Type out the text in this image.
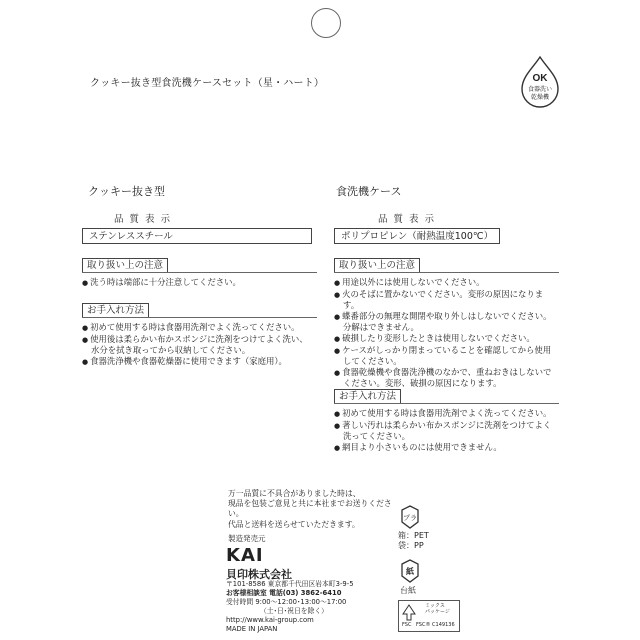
クッキー抜き型食洗機ケースセット（星・ハート）	OK
食器洗い
乾燥機
クッキー抜き型
品質表示
ステンレススチール
取り扱い上の注意
● 洗う時は端部に十分注意してください。
お手入れ方法
● 初めて使用する時は食器用洗剤でよく洗ってください。
● 使用後は柔らかい布かスポンジに洗剤をつけてよく洗い、水分を拭き取ってから収納してください。
● 食器洗浄機や食器乾燥器に使用できます（家庭用）。
食洗機ケース
品質表示
ポリプロピレン（耐熱温度100℃）
取り扱い上の注意
● 用途以外には使用しないでください。
● 火のそばに置かないでください。変形の原因になります。
● 蝶番部分の無理な開閉や取り外しはしないでください。分解はできません。
● 破損したり変形したときは使用しないでください。
● ケースがしっかり閉まっていることを確認してから使用してください。
● 食器乾燥機や食器洗浄機のなかで、重ねおきはしないでください。変形、破損の原因になります。
お手入れ方法
● 初めて使用する時は食器用洗剤でよく洗ってください。
● 著しい汚れは柔らかい布かスポンジに洗剤をつけてよく洗ってください。
● 網目より小さいものには使用できません。
万一品質に不具合がありました時は、
現品を包装ご意見と共に本社までお送りください。
代品と送料を送らせていただきます。
製造発売元
KAI
貝印株式会社
〒101-8586 東京都千代田区岩本町3-9-5
お客様相談室 電話(03) 3862-6410
受付時間 9:00～12:00･13:00～17:00
（土･日･祝日を除く）
http://www.kai-group.com
MADE IN JAPAN
プラ
箱：PET
袋：PP
紙
台紙
FSC
ミックス
パッケージ
FSC® C149136
